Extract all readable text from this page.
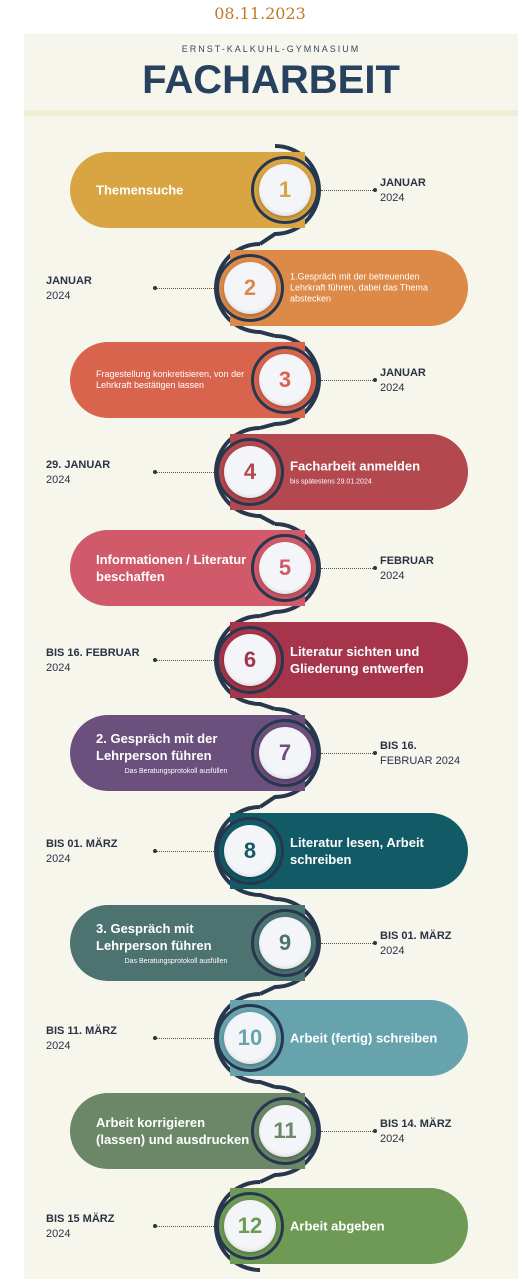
08.11.2023
ERNST-KALKUHL-GYMNASIUM
FACHARBEIT
Themensuche	1	JANUAR
2024
1.Gespräch mit der betreuenden Lehrkraft führen, dabei das Thema abstecken
2
JANUAR
2024
Fragestellung konkretisieren, von der Lehrkraft bestätigen lassen	3	JANUAR
2024
Facharbeit anmelden
bis spätestens 29.01.2024
4
29. JANUAR
2024
Informationen / Literatur beschaffen	5	FEBRUAR
2024
Literatur sichten und Gliederung entwerfen
6
BIS 16. FEBRUAR
2024
2. Gespräch mit der Lehrperson führen
Das Beratungsprotokoll ausfüllen
7	BIS 16.
FEBRUAR 2024
Literatur lesen, Arbeit schreiben
8
BIS 01. MÄRZ
2024
3. Gespräch mit Lehrperson führen
Das Beratungsprotokoll ausfüllen
9	BIS 01. MÄRZ
2024
Arbeit (fertig) schreiben
10
BIS 11. MÄRZ
2024
Arbeit korrigieren (lassen) und ausdrucken	11	BIS 14. MÄRZ
2024
Arbeit abgeben
12
BIS 15 MÄRZ
2024
